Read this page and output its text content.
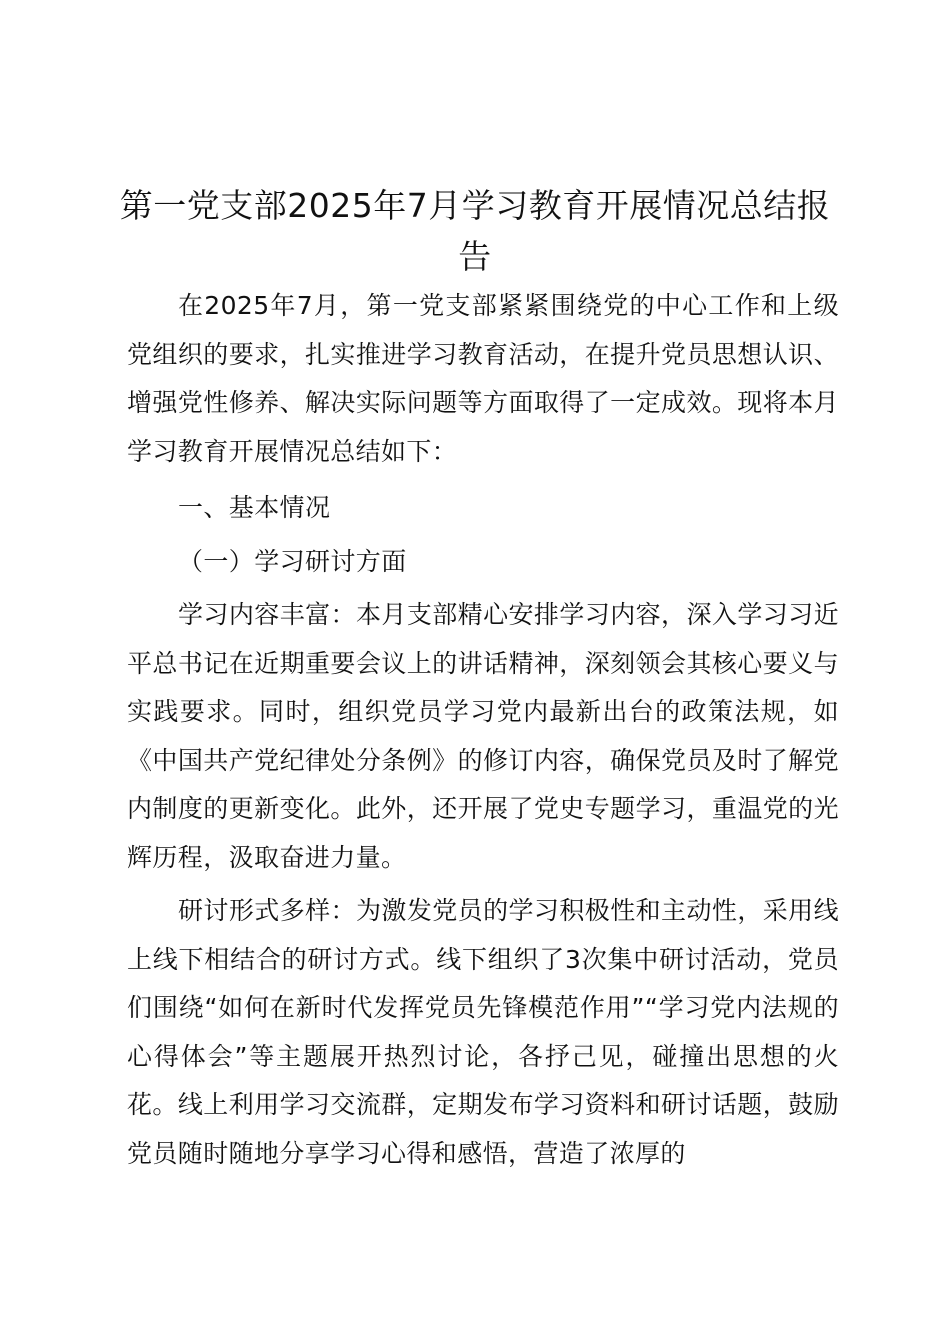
第一党支部2025年7月学习教育开展情况总结报告

在2025年7月，第一党支部紧紧围绕党的中心工作和上级党组织的要求，扎实推进学习教育活动，在提升党员思想认识、增强党性修养、解决实际问题等方面取得了一定成效。现将本月学习教育开展情况总结如下：

一、基本情况

（一）学习研讨方面

学习内容丰富：本月支部精心安排学习内容，深入学习习近平总书记在近期重要会议上的讲话精神，深刻领会其核心要义与实践要求。同时，组织党员学习党内最新出台的政策法规，如《中国共产党纪律处分条例》的修订内容，确保党员及时了解党内制度的更新变化。此外，还开展了党史专题学习，重温党的光辉历程，汲取奋进力量。

研讨形式多样：为激发党员的学习积极性和主动性，采用线上线下相结合的研讨方式。线下组织了3次集中研讨活动，党员们围绕“如何在新时代发挥党员先锋模范作用”“学习党内法规的心得体会”等主题展开热烈讨论，各抒己见，碰撞出思想的火花。线上利用学习交流群，定期发布学习资料和研讨话题，鼓励党员随时随地分享学习心得和感悟，营造了浓厚的
